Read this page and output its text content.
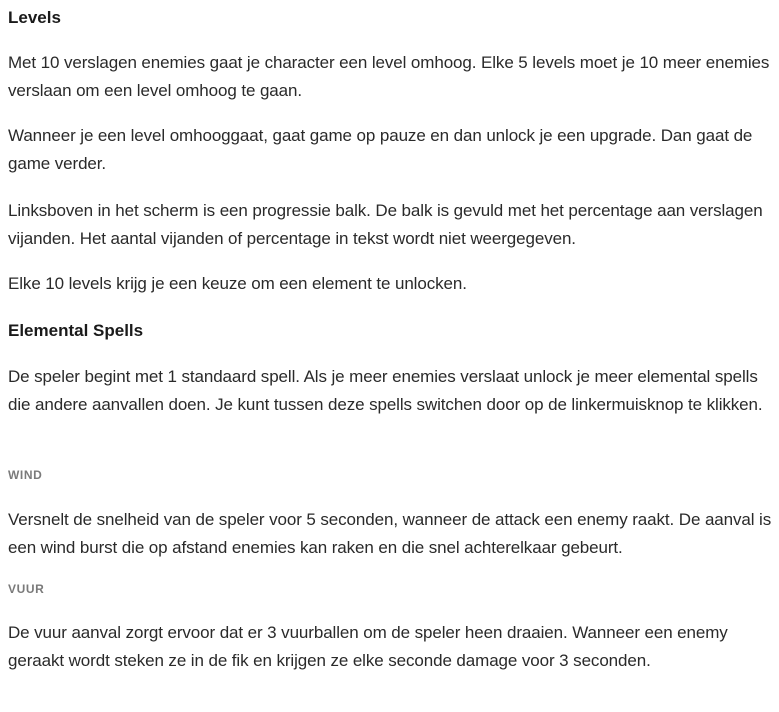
Levels
Met 10 verslagen enemies gaat je character een level omhoog. Elke 5 levels moet je 10 meer enemies verslaan om een level omhoog te gaan.
Wanneer je een level omhooggaat, gaat game op pauze en dan unlock je een upgrade. Dan gaat de game verder.
Linksboven in het scherm is een progressie balk. De balk is gevuld met het percentage aan verslagen vijanden. Het aantal vijanden of percentage in tekst wordt niet weergegeven.
Elke 10 levels krijg je een keuze om een element te unlocken.
Elemental Spells
De speler begint met 1 standaard spell. Als je meer enemies verslaat unlock je meer elemental spells die andere aanvallen doen. Je kunt tussen deze spells switchen door op de linkermuisknop te klikken.
WIND
Versnelt de snelheid van de speler voor 5 seconden, wanneer de attack een enemy raakt. De aanval is een wind burst die op afstand enemies kan raken en die snel achterelkaar gebeurt.
VUUR
De vuur aanval zorgt ervoor dat er 3 vuurballen om de speler heen draaien. Wanneer een enemy geraakt wordt steken ze in de fik en krijgen ze elke seconde damage voor 3 seconden.
